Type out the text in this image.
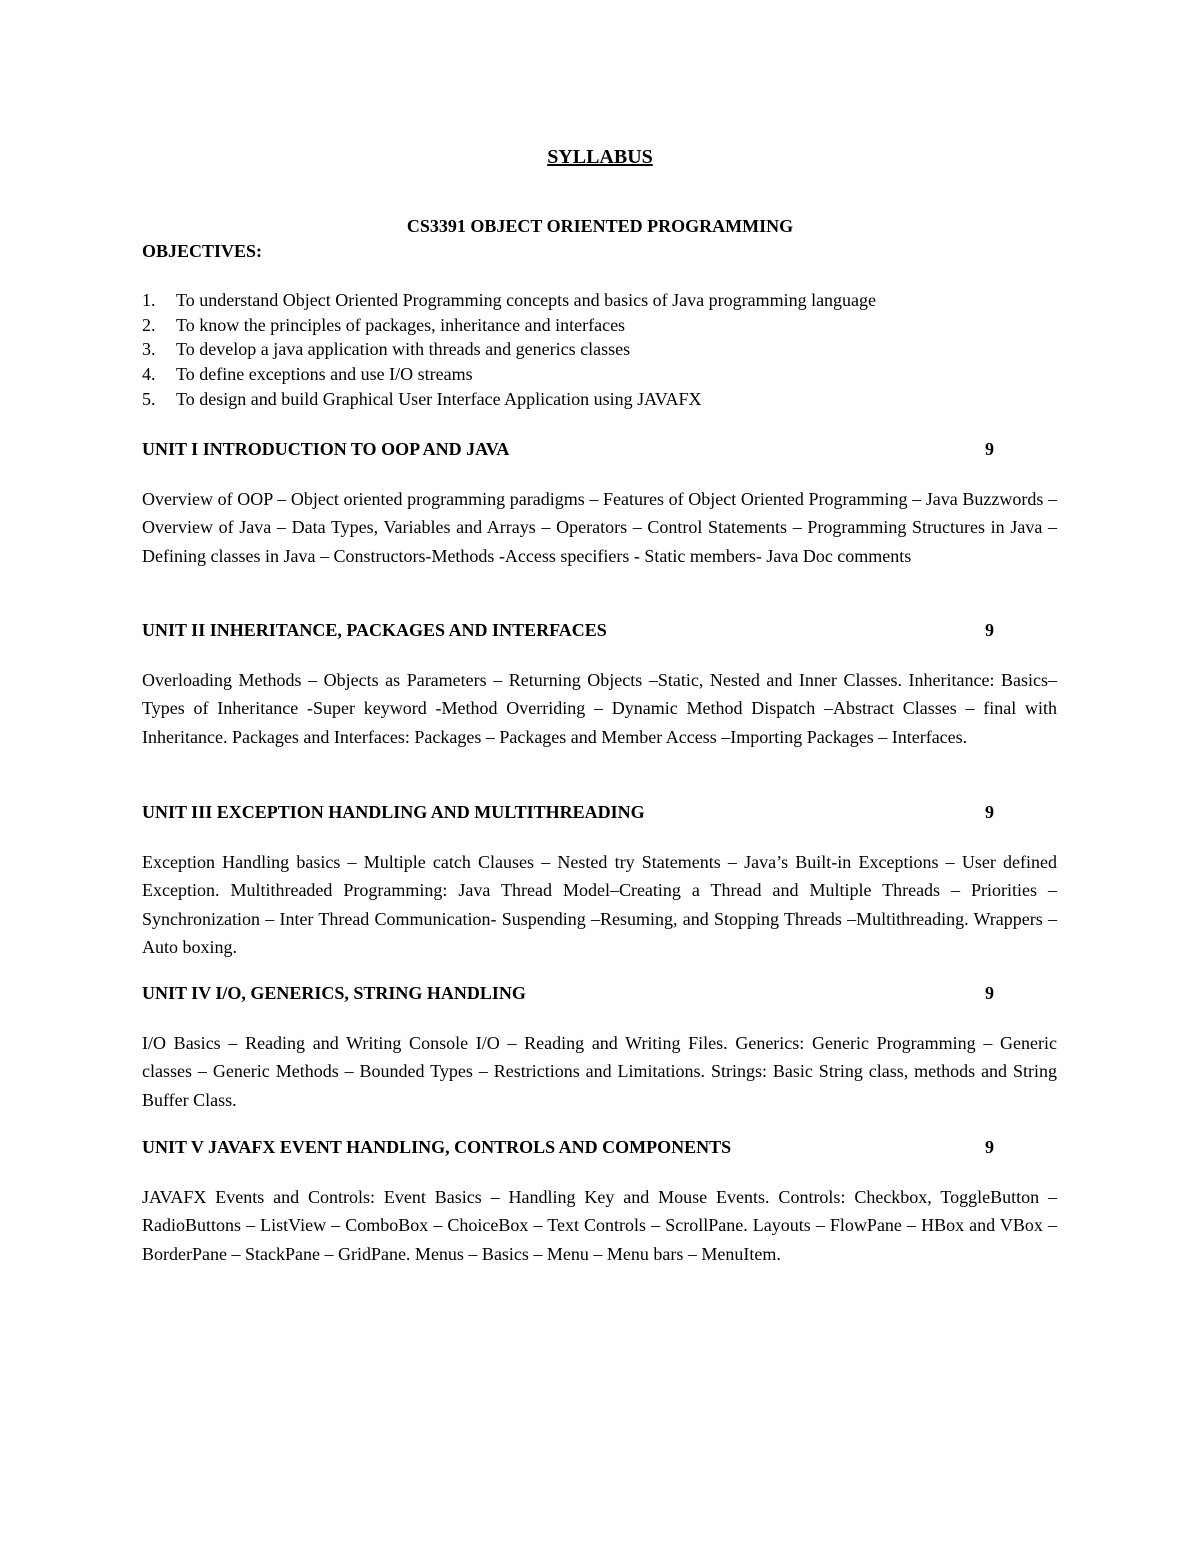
SYLLABUS
CS3391 OBJECT ORIENTED PROGRAMMING
OBJECTIVES:
1.	To understand Object Oriented Programming concepts and basics of Java programming language
2.	To know the principles of packages, inheritance and interfaces
3.	To develop a java application with threads and generics classes
4.	To define exceptions and use I/O streams
5.	To design and build Graphical User Interface Application using JAVAFX
UNIT I INTRODUCTION TO OOP AND JAVA	9
Overview of OOP – Object oriented programming paradigms – Features of Object Oriented Programming – Java Buzzwords – Overview of Java – Data Types, Variables and Arrays – Operators – Control Statements – Programming Structures in Java – Defining classes in Java – Constructors-Methods -Access specifiers - Static members- Java Doc comments
UNIT II INHERITANCE, PACKAGES AND INTERFACES	9
Overloading Methods – Objects as Parameters – Returning Objects –Static, Nested and Inner Classes. Inheritance: Basics– Types of Inheritance -Super keyword -Method Overriding – Dynamic Method Dispatch –Abstract Classes – final with Inheritance. Packages and Interfaces: Packages – Packages and Member Access –Importing Packages – Interfaces.
UNIT III EXCEPTION HANDLING AND MULTITHREADING	9
Exception Handling basics – Multiple catch Clauses – Nested try Statements – Java’s Built-in Exceptions – User defined Exception. Multithreaded Programming: Java Thread Model–Creating a Thread and Multiple Threads – Priorities – Synchronization – Inter Thread Communication- Suspending –Resuming, and Stopping Threads –Multithreading. Wrappers – Auto boxing.
UNIT IV I/O, GENERICS, STRING HANDLING	9
I/O Basics – Reading and Writing Console I/O – Reading and Writing Files. Generics: Generic Programming – Generic classes – Generic Methods – Bounded Types – Restrictions and Limitations. Strings: Basic String class, methods and String Buffer Class.
UNIT V JAVAFX EVENT HANDLING, CONTROLS AND COMPONENTS	9
JAVAFX Events and Controls: Event Basics – Handling Key and Mouse Events. Controls: Checkbox, ToggleButton – RadioButtons – ListView – ComboBox – ChoiceBox – Text Controls – ScrollPane. Layouts – FlowPane – HBox and VBox – BorderPane – StackPane – GridPane. Menus – Basics – Menu – Menu bars – MenuItem.
